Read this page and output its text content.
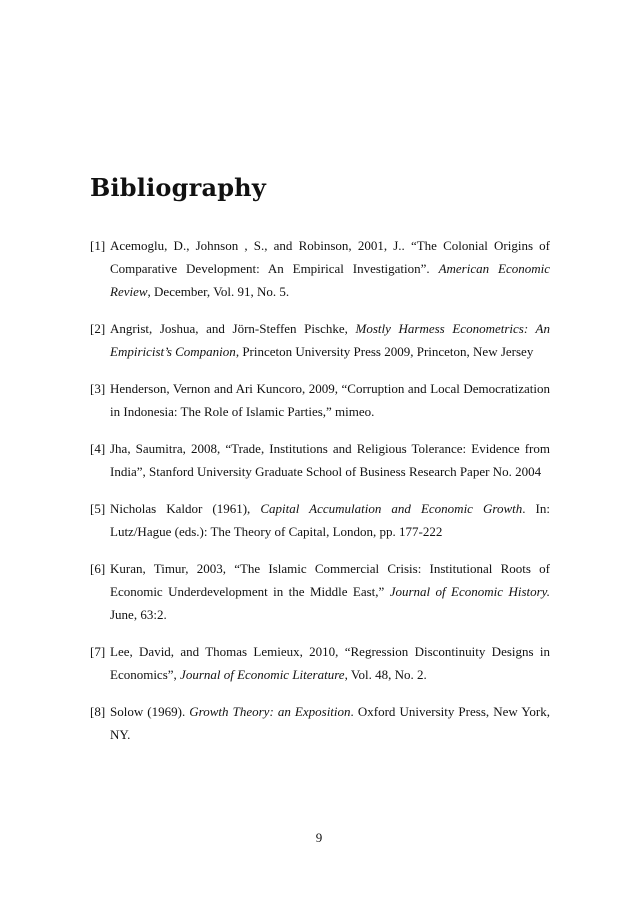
Bibliography
[1] Acemoglu, D., Johnson , S., and Robinson, 2001, J.. “The Colonial Origins of Comparative Development: An Empirical Investigation”. American Economic Review, December, Vol. 91, No. 5.
[2] Angrist, Joshua, and Jörn-Steffen Pischke, Mostly Harmess Econometrics: An Empiricist’s Companion, Princeton University Press 2009, Princeton, New Jersey
[3] Henderson, Vernon and Ari Kuncoro, 2009, “Corruption and Local Democratization in Indonesia: The Role of Islamic Parties,” mimeo.
[4] Jha, Saumitra, 2008, “Trade, Institutions and Religious Tolerance: Evidence from India”, Stanford University Graduate School of Business Research Paper No. 2004
[5] Nicholas Kaldor (1961), Capital Accumulation and Economic Growth. In: Lutz/Hague (eds.): The Theory of Capital, London, pp. 177-222
[6] Kuran, Timur, 2003, “The Islamic Commercial Crisis: Institutional Roots of Economic Underdevelopment in the Middle East,” Journal of Economic History. June, 63:2.
[7] Lee, David, and Thomas Lemieux, 2010, “Regression Discontinuity Designs in Economics”, Journal of Economic Literature, Vol. 48, No. 2.
[8] Solow (1969). Growth Theory: an Exposition. Oxford University Press, New York, NY.
9
